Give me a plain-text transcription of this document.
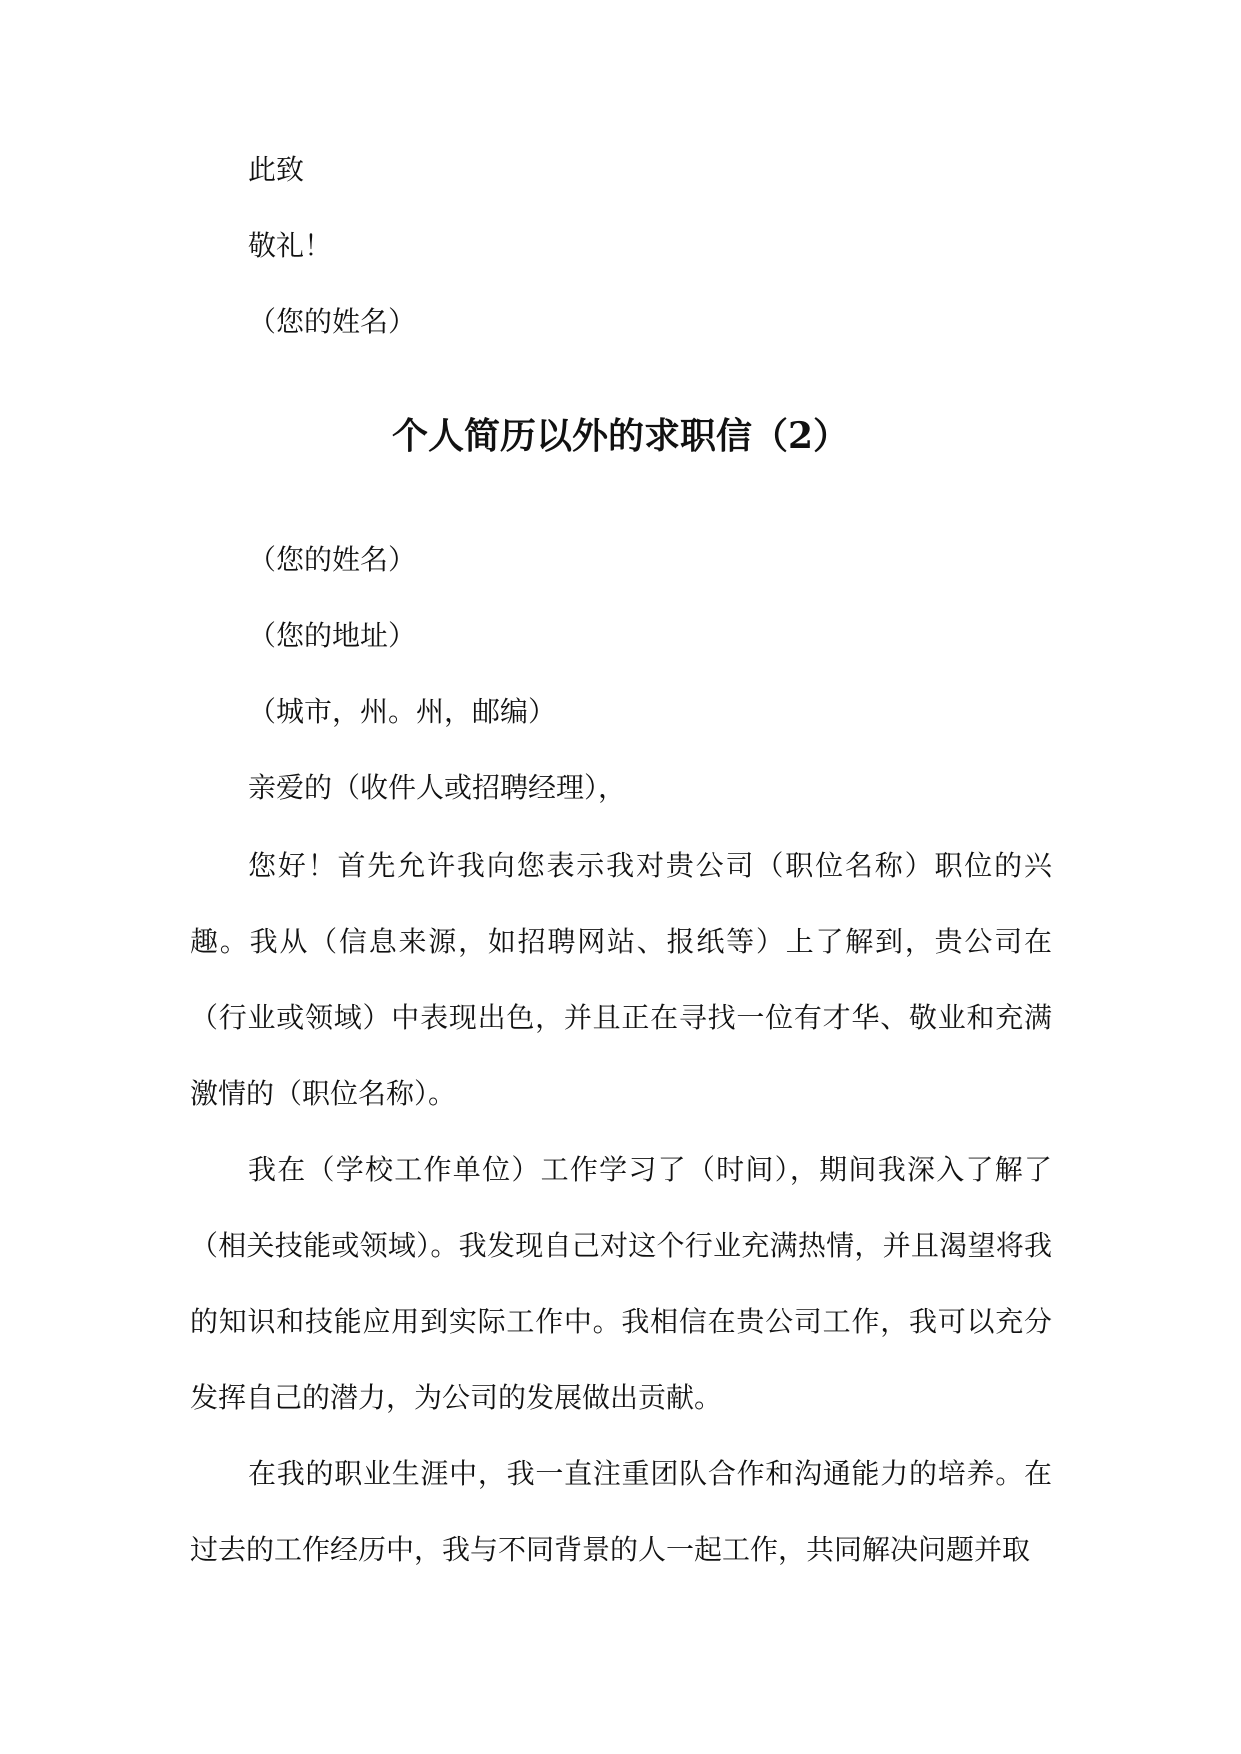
此致
敬礼！
（您的姓名）
个人简历以外的求职信（2）
（您的姓名）
（您的地址）
（城市，州。州，邮编）
亲爱的（收件人或招聘经理），
您好！首先允许我向您表示我对贵公司（职位名称）职位的兴趣。我从（信息来源，如招聘网站、报纸等）上了解到，贵公司在（行业或领域）中表现出色，并且正在寻找一位有才华、敬业和充满激情的（职位名称）。
我在（学校工作单位）工作学习了（时间），期间我深入了解了（相关技能或领域）。我发现自己对这个行业充满热情，并且渴望将我的知识和技能应用到实际工作中。我相信在贵公司工作，我可以充分发挥自己的潜力，为公司的发展做出贡献。
在我的职业生涯中，我一直注重团队合作和沟通能力的培养。在过去的工作经历中，我与不同背景的人一起工作，共同解决问题并取
